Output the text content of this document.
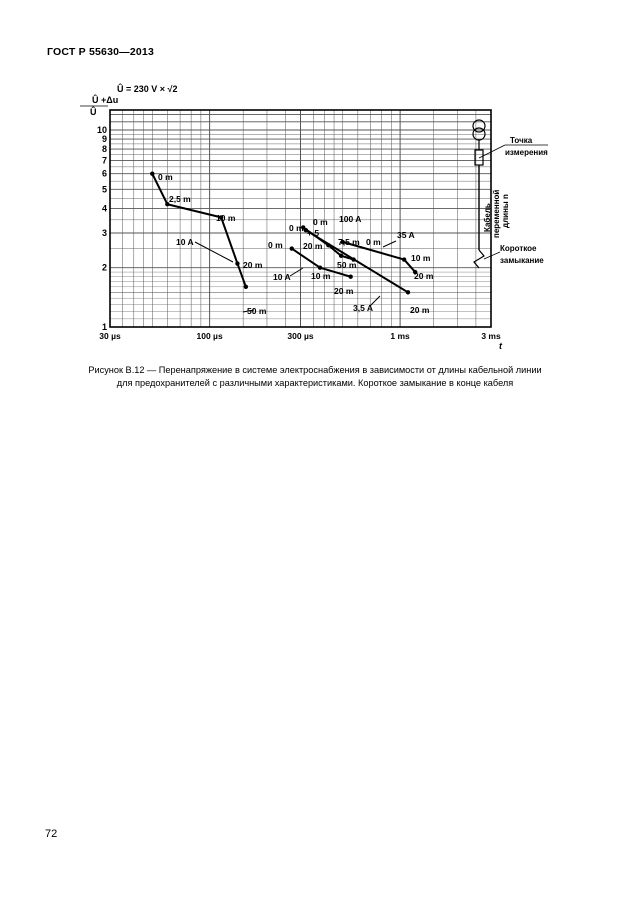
ГОСТ Р 55630—2013
Û +Δu
Û
Û = 230 V × √2
1
2
3
4
5
6
7
8
9
10
30 µs	100 µs	300 µs	1 ms	3 ms
t
0 m
2,5 m
10 m
10 A
20 m
50 m
0 m
10 A 10 m
20 m
0 m + 5
20 m
50 m
0 m 100 A
7,5 m 0 m
35 A
10 m
20 m
3,5 A	20 m
Точка
измерения
Короткое
замыкание
Кабель переменной длины n
Рисунок В.12 — Перенапряжение в системе электроснабжения в зависимости от длины кабельной линии
для предохранителей с различными характеристиками. Короткое замыкание в конце кабеля
72
